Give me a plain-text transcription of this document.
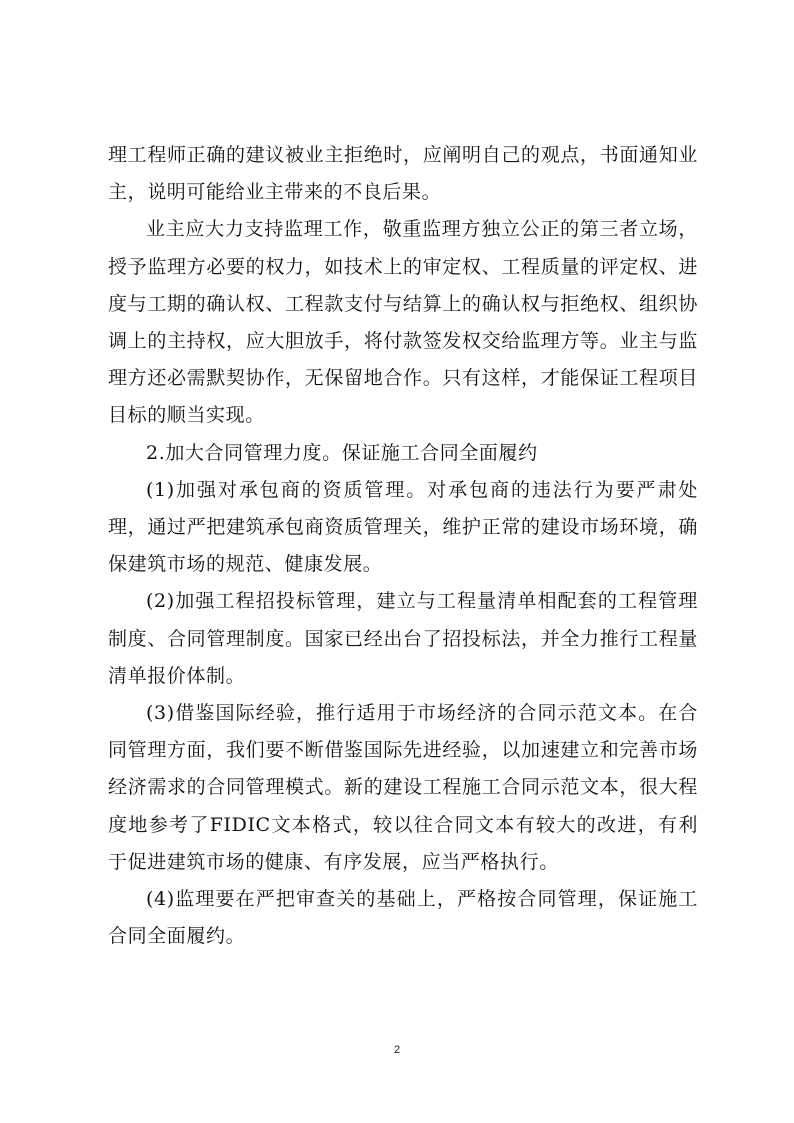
理工程师正确的建议被业主拒绝时，应阐明自己的观点，书面通知业主，说明可能给业主带来的不良后果。

业主应大力支持监理工作，敬重监理方独立公正的第三者立场，授予监理方必要的权力，如技术上的审定权、工程质量的评定权、进度与工期的确认权、工程款支付与结算上的确认权与拒绝权、组织协调上的主持权，应大胆放手，将付款签发权交给监理方等。业主与监理方还必需默契协作，无保留地合作。只有这样，才能保证工程项目目标的顺当实现。

2.加大合同管理力度。保证施工合同全面履约

(1)加强对承包商的资质管理。对承包商的违法行为要严肃处理，通过严把建筑承包商资质管理关，维护正常的建设市场环境，确保建筑市场的规范、健康发展。

(2)加强工程招投标管理，建立与工程量清单相配套的工程管理制度、合同管理制度。国家已经出台了招投标法，并全力推行工程量清单报价体制。

(3)借鉴国际经验，推行适用于市场经济的合同示范文本。在合同管理方面，我们要不断借鉴国际先进经验，以加速建立和完善市场经济需求的合同管理模式。新的建设工程施工合同示范文本，很大程度地参考了FIDIC文本格式，较以往合同文本有较大的改进，有利于促进建筑市场的健康、有序发展，应当严格执行。

(4)监理要在严把审查关的基础上，严格按合同管理，保证施工合同全面履约。

2
